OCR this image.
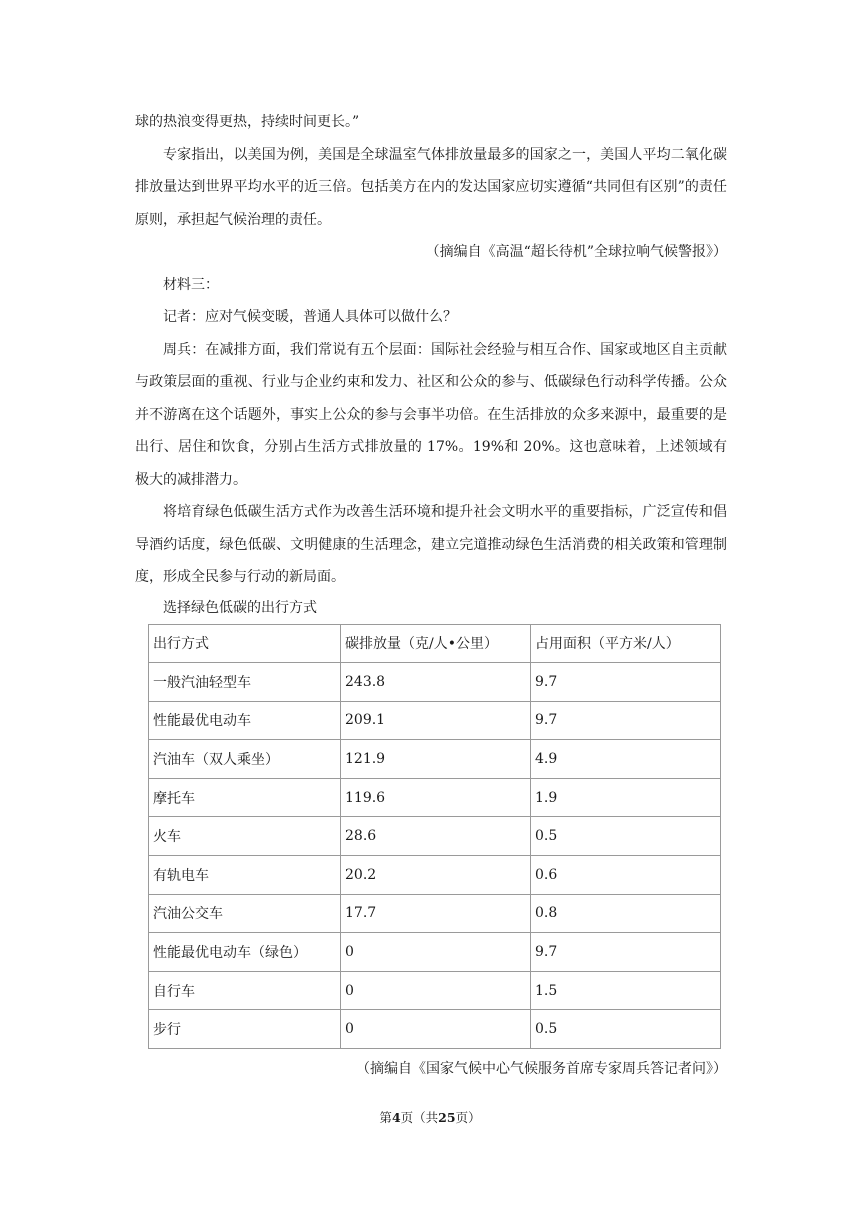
球的热浪变得更热，持续时间更长。”

专家指出，以美国为例，美国是全球温室气体排放量最多的国家之一，美国人平均二氧化碳排放量达到世界平均水平的近三倍。包括美方在内的发达国家应切实遵循“共同但有区别”的责任原则，承担起气候治理的责任。

（摘编自《高温“超长待机”全球拉响气候警报》）

材料三：

记者：应对气候变暖，普通人具体可以做什么？

周兵：在减排方面，我们常说有五个层面：国际社会经验与相互合作、国家或地区自主贡献与政策层面的重视、行业与企业约束和发力、社区和公众的参与、低碳绿色行动科学传播。公众并不游离在这个话题外，事实上公众的参与会事半功倍。在生活排放的众多来源中，最重要的是出行、居住和饮食，分别占生活方式排放量的 17%。19%和 20%。这也意味着，上述领域有极大的减排潜力。

将培育绿色低碳生活方式作为改善生活环境和提升社会文明水平的重要指标，广泛宣传和倡导酒约话度，绿色低碳、文明健康的生活理念，建立完道推动绿色生活消费的相关政策和管理制度，形成全民参与行动的新局面。

选择绿色低碳的出行方式

出行方式	碳排放量（克/人•公里）	占用面积（平方米/人）
一般汽油轻型车	243.8	9.7
性能最优电动车	209.1	9.7
汽油车（双人乘坐）	121.9	4.9
摩托车	119.6	1.9
火车	28.6	0.5
有轨电车	20.2	0.6
汽油公交车	17.7	0.8
性能最优电动车（绿色）	0	9.7
自行车	0	1.5
步行	0	0.5

（摘编自《国家气候中心气候服务首席专家周兵答记者问》）

第4页（共25页）
